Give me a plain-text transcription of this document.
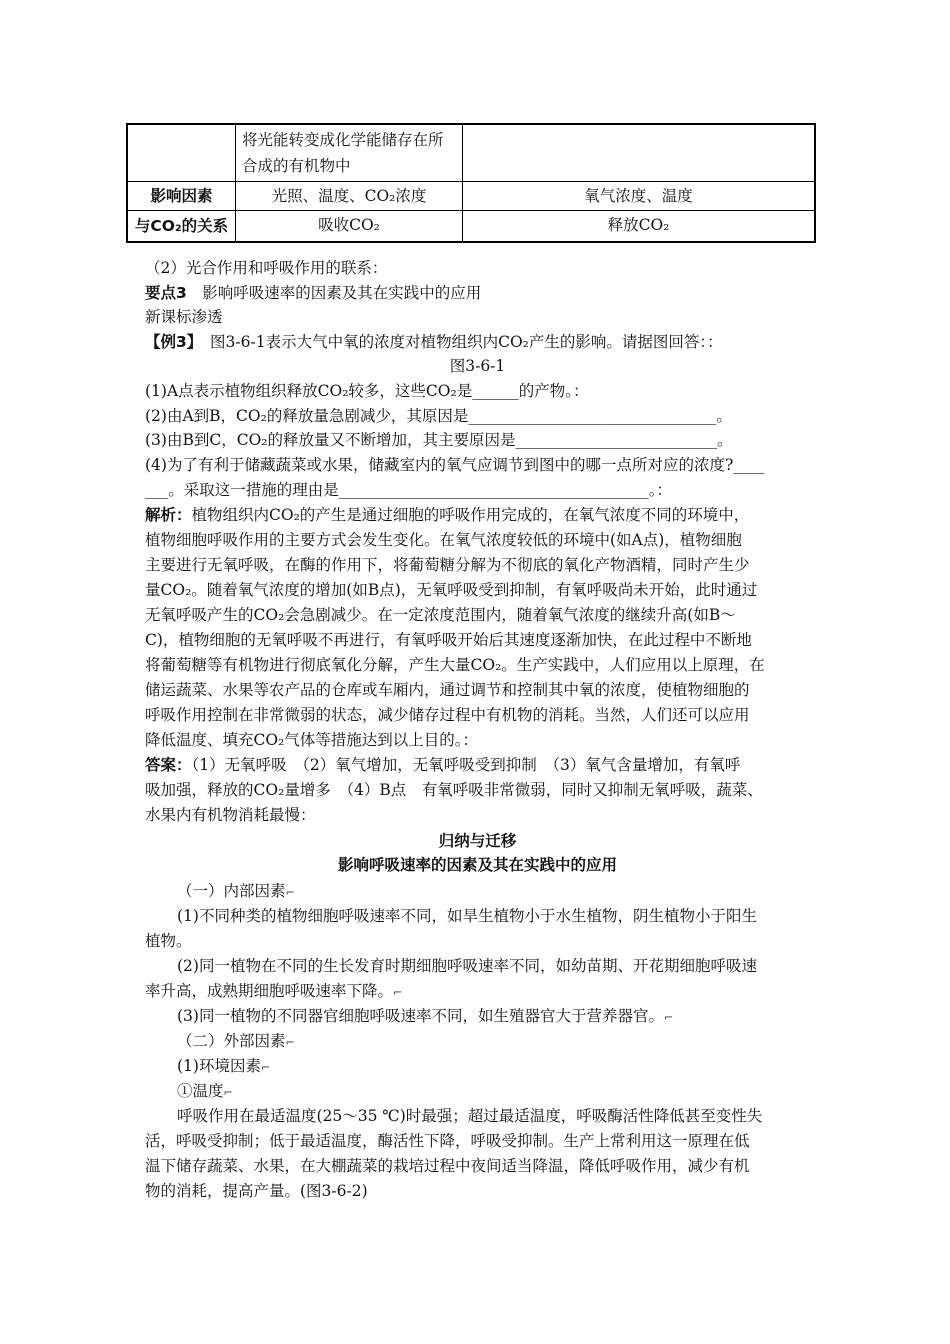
	将光能转变成化学能储存在所合成的有机物中	
影响因素	光照、温度、CO₂浓度	氧气浓度、温度
与CO₂的关系	吸收CO₂	释放CO₂
（2）光合作用和呼吸作用的联系：
要点3　影响呼吸速率的因素及其在实践中的应用
新课标渗透
【例3】　图3-6-1表示大气中氧的浓度对植物组织内CO₂产生的影响。请据图回答：：
图3-6-1
(1)A点表示植物组织释放CO₂较多，这些CO₂是______的产物。：
(2)由A到B，CO₂的释放量急剧减少，其原因是________________________________。
(3)由B到C，CO₂的释放量又不断增加，其主要原因是__________________________。
(4)为了有利于储藏蔬菜或水果，储藏室内的氧气应调节到图中的哪一点所对应的浓度?____
___。采取这一措施的理由是________________________________________。：
解析：植物组织内CO₂的产生是通过细胞的呼吸作用完成的，在氧气浓度不同的环境中，
植物细胞呼吸作用的主要方式会发生变化。在氧气浓度较低的环境中(如A点)，植物细胞
主要进行无氧呼吸，在酶的作用下，将葡萄糖分解为不彻底的氧化产物酒精，同时产生少
量CO₂。随着氧气浓度的增加(如B点)，无氧呼吸受到抑制，有氧呼吸尚未开始，此时通过
无氧呼吸产生的CO₂会急剧减少。在一定浓度范围内，随着氧气浓度的继续升高(如B～
C)，植物细胞的无氧呼吸不再进行，有氧呼吸开始后其速度逐渐加快，在此过程中不断地
将葡萄糖等有机物进行彻底氧化分解，产生大量CO₂。生产实践中，人们应用以上原理，在
储运蔬菜、水果等农产品的仓库或车厢内，通过调节和控制其中氧的浓度，使植物细胞的
呼吸作用控制在非常微弱的状态，减少储存过程中有机物的消耗。当然，人们还可以应用
降低温度、填充CO₂气体等措施达到以上目的。：
答案：（1）无氧呼吸　（2）氧气增加，无氧呼吸受到抑制　（3）氧气含量增加，有氧呼
吸加强，释放的CO₂量增多　（4）B点　有氧呼吸非常微弱，同时又抑制无氧呼吸，蔬菜、
水果内有机物消耗最慢：
归纳与迁移
影响呼吸速率的因素及其在实践中的应用
（一）内部因素⌐
(1)不同种类的植物细胞呼吸速率不同，如旱生植物小于水生植物，阴生植物小于阳生
植物。
(2)同一植物在不同的生长发育时期细胞呼吸速率不同，如幼苗期、开花期细胞呼吸速
率升高，成熟期细胞呼吸速率下降。⌐
(3)同一植物的不同器官细胞呼吸速率不同，如生殖器官大于营养器官。⌐
（二）外部因素⌐
(1)环境因素⌐
①温度⌐
呼吸作用在最适温度(25～35 ℃)时最强；超过最适温度，呼吸酶活性降低甚至变性失
活，呼吸受抑制；低于最适温度，酶活性下降，呼吸受抑制。生产上常利用这一原理在低
温下储存蔬菜、水果，在大棚蔬菜的栽培过程中夜间适当降温，降低呼吸作用，减少有机
物的消耗，提高产量。(图3-6-2)
